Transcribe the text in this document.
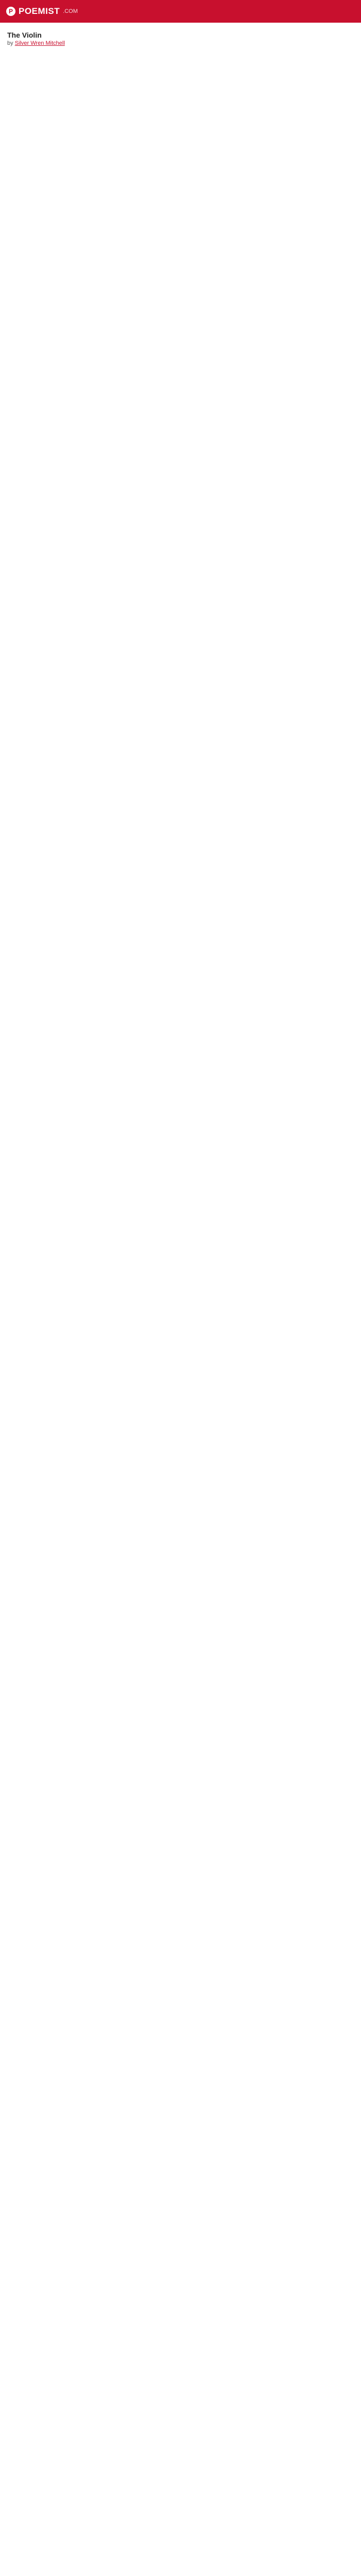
P POEMIST .COM
The Violin

by Silver Wren Mitchell
